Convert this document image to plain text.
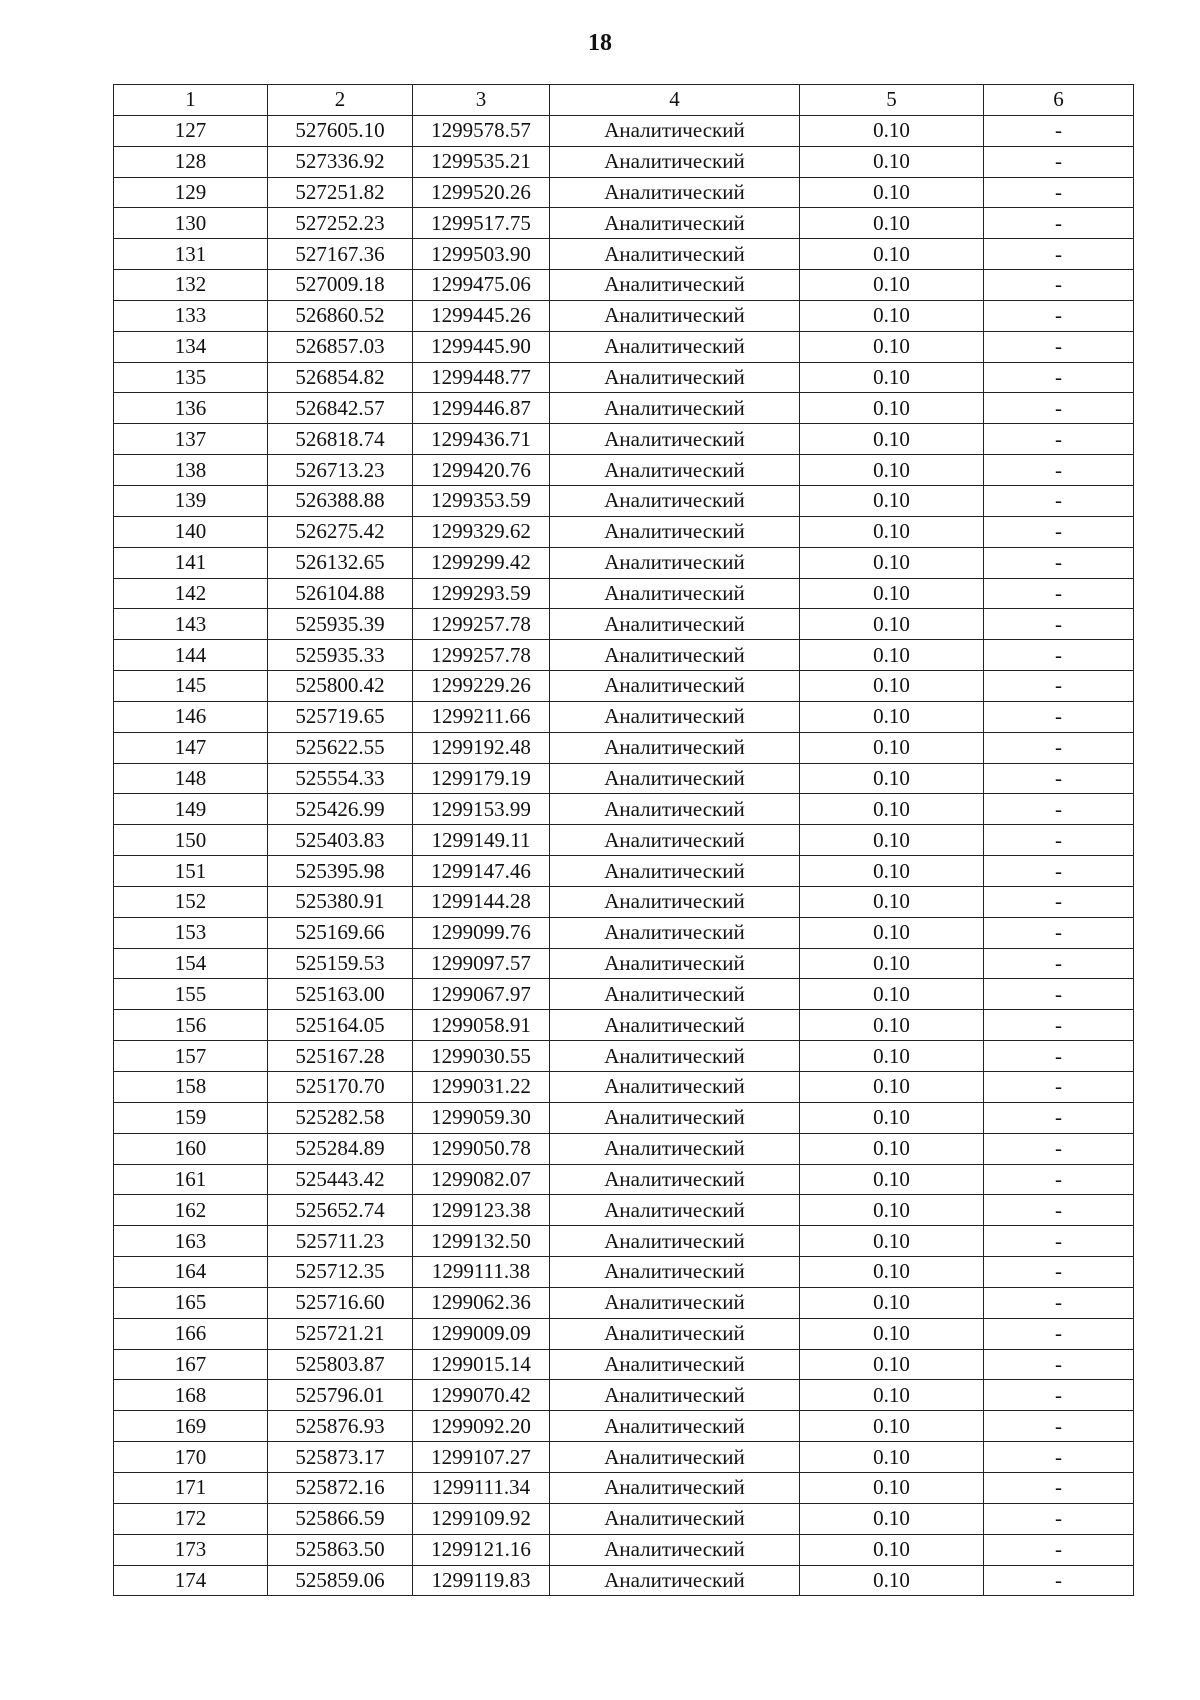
18
1	2	3	4	5	6
127	527605.10	1299578.57	Аналитический	0.10	-
128	527336.92	1299535.21	Аналитический	0.10	-
129	527251.82	1299520.26	Аналитический	0.10	-
130	527252.23	1299517.75	Аналитический	0.10	-
131	527167.36	1299503.90	Аналитический	0.10	-
132	527009.18	1299475.06	Аналитический	0.10	-
133	526860.52	1299445.26	Аналитический	0.10	-
134	526857.03	1299445.90	Аналитический	0.10	-
135	526854.82	1299448.77	Аналитический	0.10	-
136	526842.57	1299446.87	Аналитический	0.10	-
137	526818.74	1299436.71	Аналитический	0.10	-
138	526713.23	1299420.76	Аналитический	0.10	-
139	526388.88	1299353.59	Аналитический	0.10	-
140	526275.42	1299329.62	Аналитический	0.10	-
141	526132.65	1299299.42	Аналитический	0.10	-
142	526104.88	1299293.59	Аналитический	0.10	-
143	525935.39	1299257.78	Аналитический	0.10	-
144	525935.33	1299257.78	Аналитический	0.10	-
145	525800.42	1299229.26	Аналитический	0.10	-
146	525719.65	1299211.66	Аналитический	0.10	-
147	525622.55	1299192.48	Аналитический	0.10	-
148	525554.33	1299179.19	Аналитический	0.10	-
149	525426.99	1299153.99	Аналитический	0.10	-
150	525403.83	1299149.11	Аналитический	0.10	-
151	525395.98	1299147.46	Аналитический	0.10	-
152	525380.91	1299144.28	Аналитический	0.10	-
153	525169.66	1299099.76	Аналитический	0.10	-
154	525159.53	1299097.57	Аналитический	0.10	-
155	525163.00	1299067.97	Аналитический	0.10	-
156	525164.05	1299058.91	Аналитический	0.10	-
157	525167.28	1299030.55	Аналитический	0.10	-
158	525170.70	1299031.22	Аналитический	0.10	-
159	525282.58	1299059.30	Аналитический	0.10	-
160	525284.89	1299050.78	Аналитический	0.10	-
161	525443.42	1299082.07	Аналитический	0.10	-
162	525652.74	1299123.38	Аналитический	0.10	-
163	525711.23	1299132.50	Аналитический	0.10	-
164	525712.35	1299111.38	Аналитический	0.10	-
165	525716.60	1299062.36	Аналитический	0.10	-
166	525721.21	1299009.09	Аналитический	0.10	-
167	525803.87	1299015.14	Аналитический	0.10	-
168	525796.01	1299070.42	Аналитический	0.10	-
169	525876.93	1299092.20	Аналитический	0.10	-
170	525873.17	1299107.27	Аналитический	0.10	-
171	525872.16	1299111.34	Аналитический	0.10	-
172	525866.59	1299109.92	Аналитический	0.10	-
173	525863.50	1299121.16	Аналитический	0.10	-
174	525859.06	1299119.83	Аналитический	0.10	-
